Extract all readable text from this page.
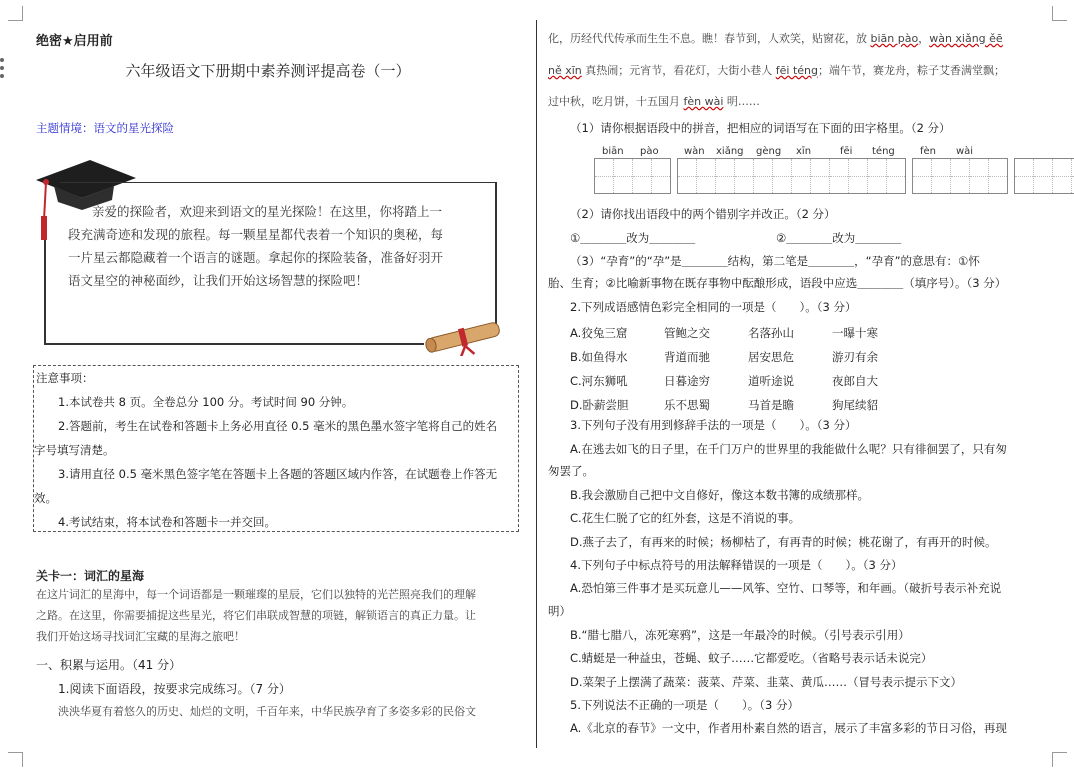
绝密★启用前
六年级语文下册期中素养测评提高卷（一）
主题情境：语文的星光探险
亲爱的探险者，欢迎来到语文的星光探险！在这里，你将踏上一
段充满奇迹和发现的旅程。每一颗星星都代表着一个知识的奥秘，每
一片星云都隐藏着一个语言的谜题。拿起你的探险装备，准备好羽开
语文星空的神秘面纱，让我们开始这场智慧的探险吧！

注意事项：

1.本试卷共 8 页。全卷总分 100 分。考试时间 90 分钟。

2.答题前，考生在试卷和答题卡上务必用直径 0.5 毫米的黑色墨水签字笔将自己的姓名

字号填写清楚。

3.请用直径 0.5 毫米黑色签字笔在答题卡上各题的答题区域内作答，在试题卷上作答无

效。

4.考试结束，将本试卷和答题卡一并交回。

关卡一：词汇的星海
在这片词汇的星海中，每一个词语都是一颗璀璨的星辰，它们以独特的光芒照亮我们的理解
之路。在这里，你需要捕捉这些星光，将它们串联成智慧的项链，解锁语言的真正力量。让
我们开始这场寻找词汇宝藏的星海之旅吧！
一、积累与运用。（41 分）
1.阅读下面语段，按要求完成练习。（7 分）
泱泱华夏有着悠久的历史、灿烂的文明，千百年来，中华民族孕育了多姿多彩的民俗文
化，历经代代传承而生生不息。瞧！春节到，人欢笑，贴窗花，放 biān pào，wàn xiǎng ěē
ně xīn 真热闹；元宵节，看花灯，大街小巷人 fēi téng；端午节，赛龙舟，粽子艾香满堂飘；
过中秋，吃月饼，十五国月 fèn wài 明……
（1）请你根据语段中的拼音，把相应的词语写在下面的田字格里。（2 分）
biān pào	wàn xiǎng gèng xīn	fēi téng	fèn wài
（2）请你找出语段中的两个错别字并改正。（2 分）
①＿＿＿＿改为＿＿＿＿	②＿＿＿＿改为＿＿＿＿
（3）“孕育”的“孕”是＿＿＿＿结构，第二笔是＿＿＿＿，“孕育”的意思有：①怀
胎、生育；②比喻新事物在既存事物中酝酿形成，语段中应选＿＿＿＿（填序号）。（3 分）
2.下列成语感情色彩完全相同的一项是（　　）。（3 分）
A.狡兔三窟	管鲍之交	名落孙山	一曝十寒
B.如鱼得水	背道而驰	居安思危	游刃有余
C.河东狮吼	日暮途穷	道听途说	夜郎自大
D.卧薪尝胆	乐不思蜀	马首是瞻	狗尾续貂
3.下列句子没有用到修辞手法的一项是（　　）。（3 分）
A.在逃去如飞的日子里，在千门万户的世界里的我能做什么呢？只有徘徊罢了，只有匆
匆罢了。
B.我会激励自己把中文自修好，像这本数书簿的成绩那样。
C.花生仁脱了它的红外套，这是不消说的事。
D.燕子去了，有再来的时候；杨柳枯了，有再青的时候；桃花谢了，有再开的时候。
4.下列句子中标点符号的用法解释错误的一项是（　　）。（3 分）
A.恐怕第三件事才是买玩意儿——风筝、空竹、口琴等，和年画。（破折号表示补充说
明）
B.“腊七腊八，冻死寒鸦”，这是一年最冷的时候。（引号表示引用）
C.蜻蜓是一种益虫，苍蝇、蚊子……它都爱吃。（省略号表示话未说完）
D.菜架子上摆满了蔬菜：菠菜、芹菜、韭菜、黄瓜……（冒号表示提示下文）
5.下列说法不正确的一项是（　　）。（3 分）
A.《北京的春节》一文中，作者用朴素自然的语言，展示了丰富多彩的节日习俗，再现
